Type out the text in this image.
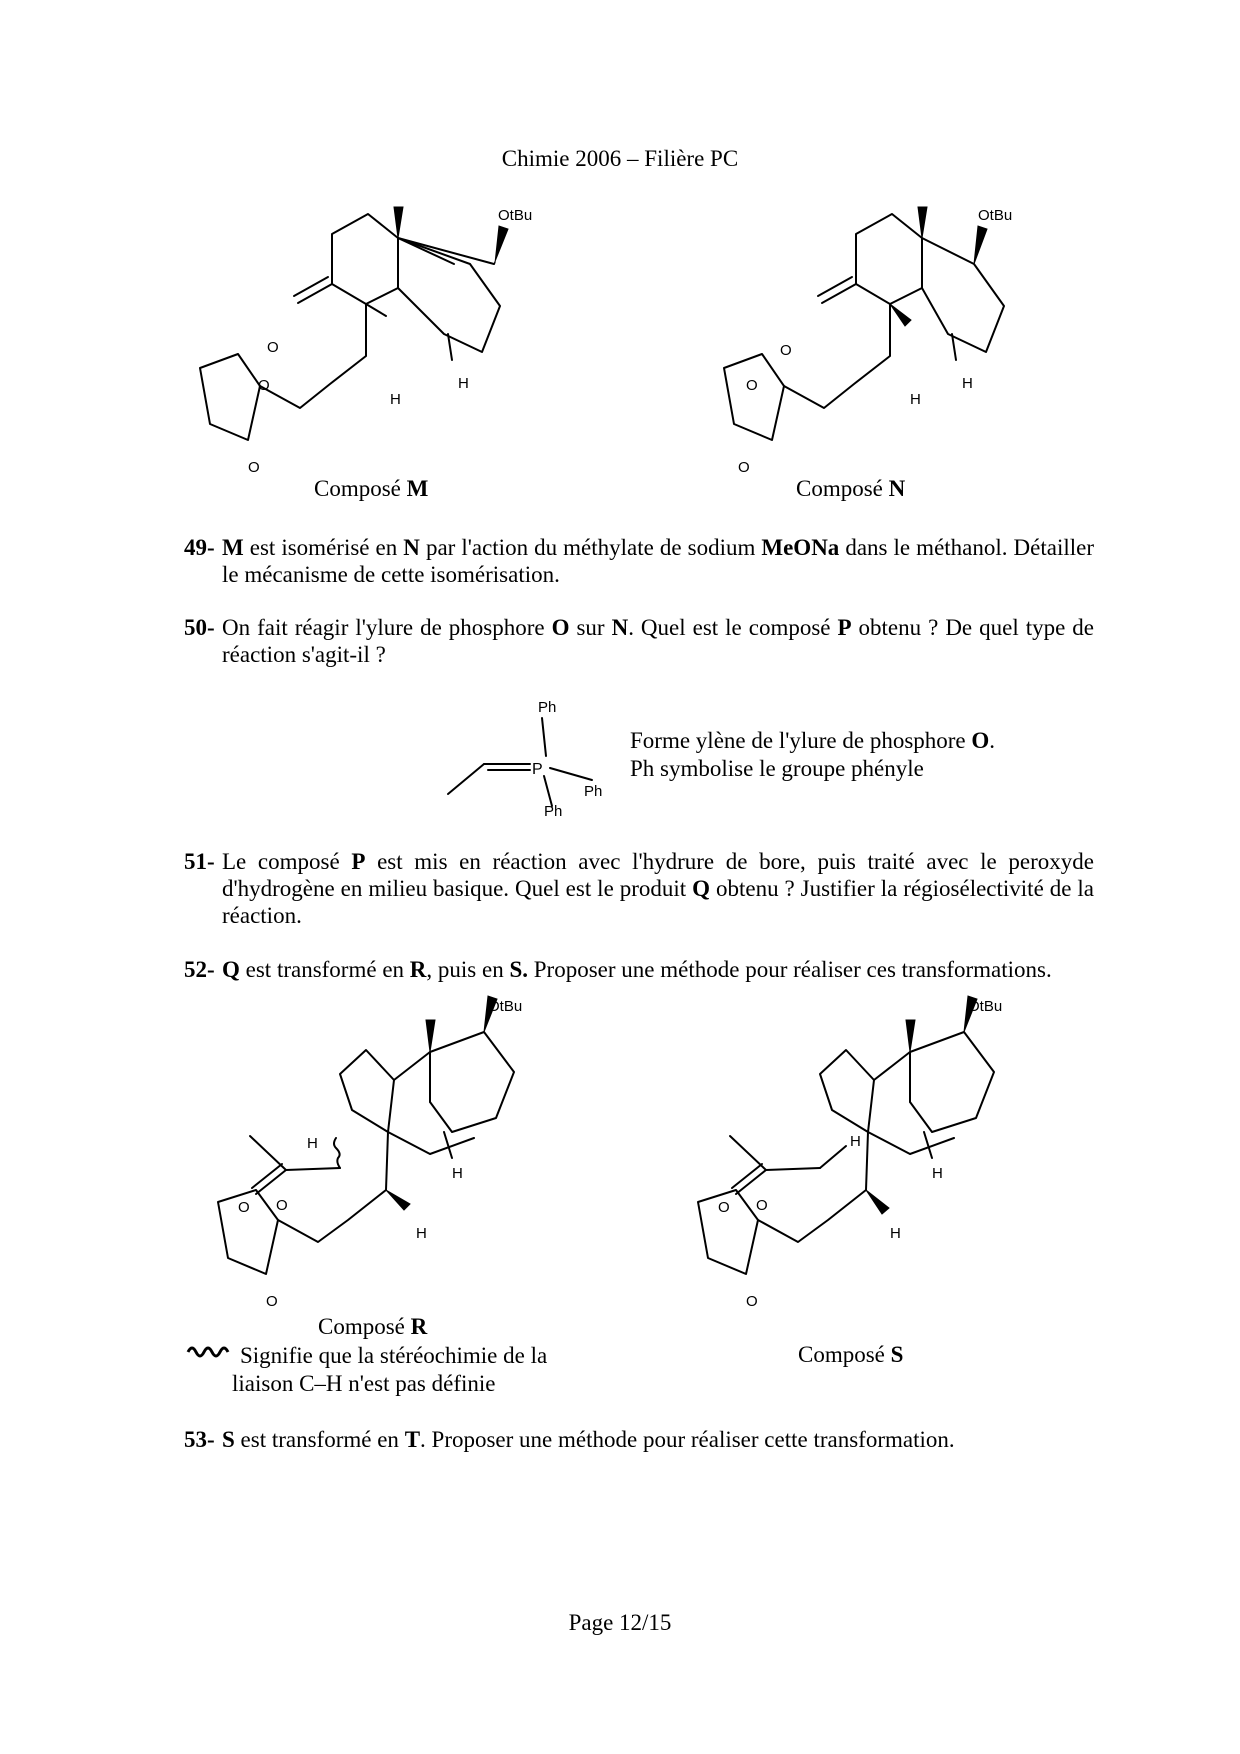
Chimie 2006 – Filière PC
O
OtBu
H
H
O
O
Composé M
O
OtBu
H
H
O
O
Composé N
49- M est isomérisé en N par l'action du méthylate de sodium MeONa dans le méthanol. Détailler le mécanisme de cette isomérisation.
50- On fait réagir l'ylure de phosphore O sur N. Quel est le composé P obtenu ? De quel type de réaction s'agit-il ?
P
Ph
Ph
Ph
Forme ylène de l'ylure de phosphore O.
Ph symbolise le groupe phényle
51- Le composé P est mis en réaction avec l'hydrure de bore, puis traité avec le peroxyde d'hydrogène en milieu basique. Quel est le produit Q obtenu ? Justifier la régiosélectivité de la réaction.
52- Q est transformé en R, puis en S. Proposer une méthode pour réaliser ces transformations.
H
O
OtBu
H
H
O
O
Composé R
Signifie que la stéréochimie de la
liaison C–H n'est pas définie
H
O
OtBu
H
H
O
O
Composé S
53- S est transformé en T. Proposer une méthode pour réaliser cette transformation.
Page 12/15
